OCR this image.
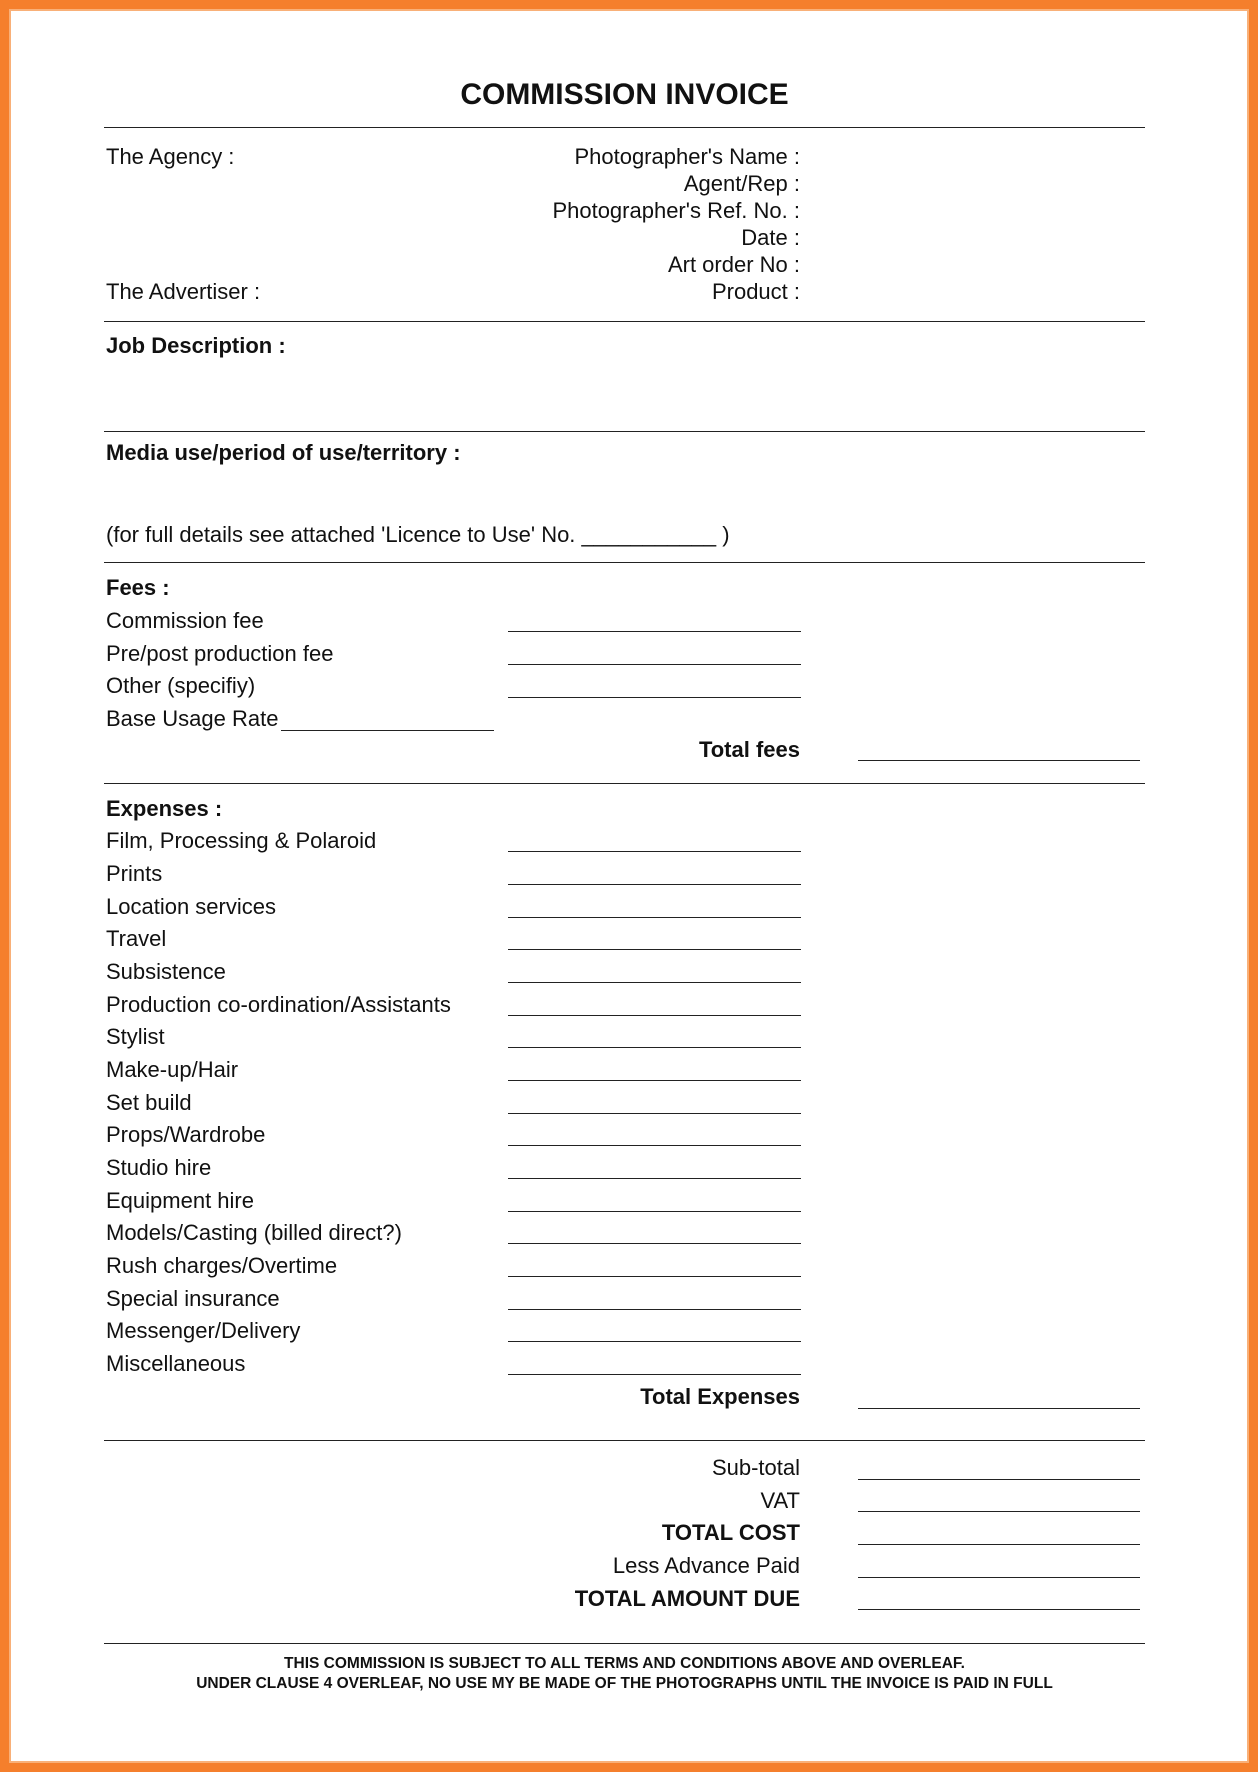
COMMISSION INVOICE
The Agency :
The Advertiser :
Photographer's Name :
Agent/Rep :
Photographer's Ref. No. :
Date :
Art order No :
Product :
Job Description :
Media use/period of use/territory :
(for full details see attached 'Licence to Use' No. ___________ )
Fees :
Commission fee
Pre/post production fee
Other (specifiy)
Base Usage Rate
Total fees
Expenses :
Film, Processing & Polaroid
Prints
Location services
Travel
Subsistence
Production co-ordination/Assistants
Stylist
Make-up/Hair
Set build
Props/Wardrobe
Studio hire
Equipment hire
Models/Casting (billed direct?)
Rush charges/Overtime
Special insurance
Messenger/Delivery
Miscellaneous
Total Expenses
Sub-total
VAT
TOTAL COST
Less Advance Paid
TOTAL AMOUNT DUE
THIS COMMISSION IS SUBJECT TO ALL TERMS AND CONDITIONS ABOVE AND OVERLEAF.
UNDER CLAUSE 4 OVERLEAF, NO USE MY BE MADE OF THE PHOTOGRAPHS UNTIL THE INVOICE IS PAID IN FULL
